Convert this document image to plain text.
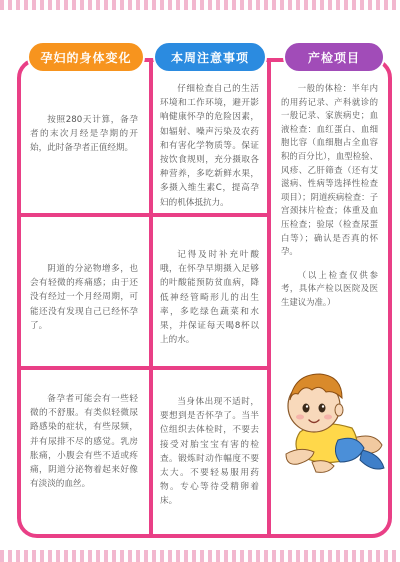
孕妇的身体变化	本周注意事项	产检项目

按照280天计算，备孕者的末次月经是孕期的开始，此时备孕者正值经期。

仔细检查自己的生活环境和工作环境，避开影响健康怀孕的危险因素，如辐射、噪声污染及农药和有害化学物质等。保证按饮食规则，充分摄取各种营养，多吃新鲜水果，多摄入维生素C，提高孕妇的机体抵抗力。

阴道的分泌物增多，也会有轻微的疼痛感；由于还没有经过一个月经周期，可能还没有发现自己已经怀孕了。

记得及时补充叶酸哦，在怀孕早期摄入足够的叶酸能预防贫血病，降低神经管畸形儿的出生率，多吃绿色蔬菜和水果，并保证每天喝8杯以上的水。

备孕者可能会有一些轻微的不舒服。有类似轻微尿路感染的症状，有些尿频，并有尿排不尽的感觉。乳房胀痛，小腹会有些不适或疼痛，阴道分泌物着起来好像有淡淡的血丝。

当身体出现不适时，要想到是否怀孕了。当半位组织去体检时，不要去接受对胎宝宝有害的检查。锻炼时动作幅度不要太大。不要轻易服用药物。专心等待受精卵着床。

一般的体检：半年内的用药记录、产科就诊的一般记录、家族病史；血液检查：血红蛋白、血细胞比容（血细胞占全血容积的百分比），血型检验、风疹、乙肝筛查（还有艾滋病、性病等选择性检查项目）；阴道疾病检查：子宫颈抹片检查；体重及血压检查；验尿（检查尿蛋白等）；确认是否真的怀孕。

（以上检查仅供参考，具体产检以医院及医生建议为准。）
